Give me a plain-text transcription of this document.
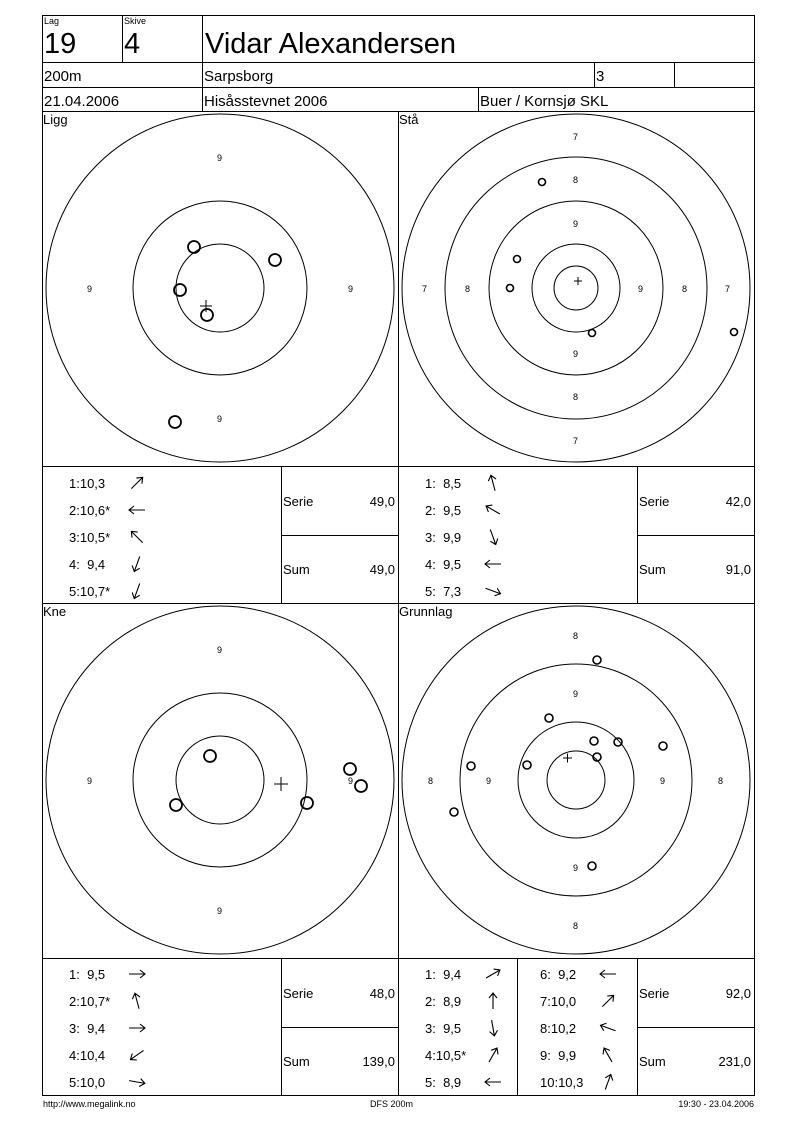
Lag
19
Skive
4 Vidar Alexandersen
200m	Sarpsborg	3
21.04.2006	Hisåsstevnet 2006	Buer / Kornsjø SKL
Ligg
9
9
9	9
Stå
7
8
9
9
8
7
7	8	9	8	7
Kne
9
9
9	9
Grunnlag
8
9
9
8
8	9	9	8
1:10,3
2:10,6*
3:10,5*
4:  9,4
5:10,7*
1:  8,5
2:  9,5
3:  9,9
4:  9,5
5:  7,3
1:  9,5
2:10,7*
3:  9,4
4:10,4
5:10,0
1:  9,4
2:  8,9
3:  9,5
4:10,5*
5:  8,9
6:  9,2
7:10,0
8:10,2
9:  9,9
10:10,3
Serie	49,0
Sum	49,0
Serie	42,0
Sum	91,0
Serie	48,0
Sum	139,0
Serie	92,0
Sum	231,0
http://www.megalink.no	DFS 200m	19:30 - 23.04.2006
